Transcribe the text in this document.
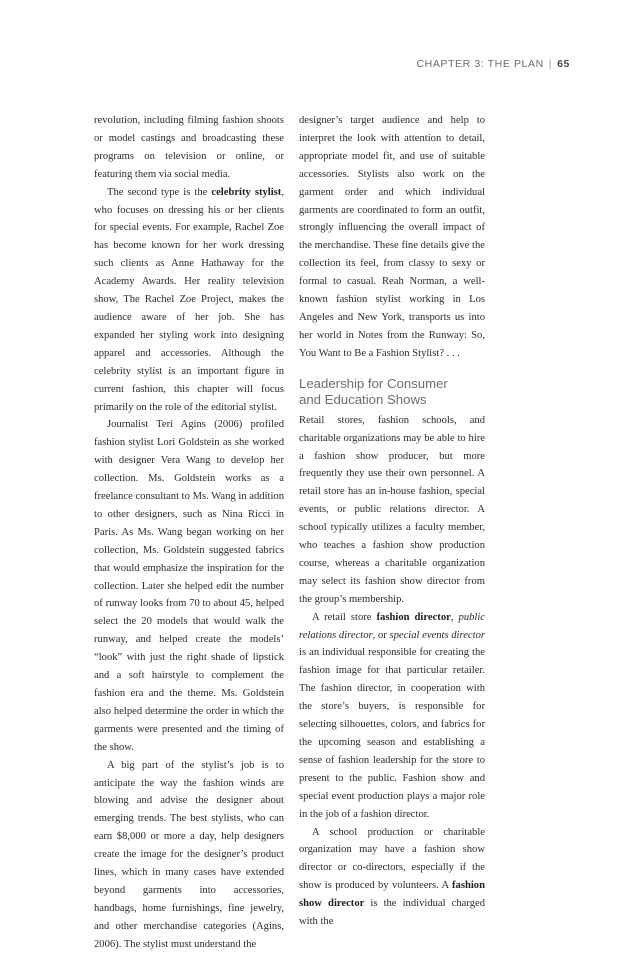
CHAPTER 3: THE PLAN | 65

revolution, including filming fashion shoots or model castings and broadcasting these programs on television or online, or featuring them via social media.

The second type is the celebrity stylist, who focuses on dressing his or her clients for special events. For example, Rachel Zoe has become known for her work dressing such clients as Anne Hathaway for the Academy Awards. Her reality television show, The Rachel Zoe Project, makes the audience aware of her job. She has expanded her styling work into designing apparel and accessories. Although the celebrity stylist is an important figure in current fashion, this chapter will focus primarily on the role of the editorial stylist.

Journalist Teri Agins (2006) profiled fashion stylist Lori Goldstein as she worked with designer Vera Wang to develop her collection. Ms. Goldstein works as a freelance consultant to Ms. Wang in addition to other designers, such as Nina Ricci in Paris. As Ms. Wang began working on her collection, Ms. Goldstein suggested fabrics that would emphasize the inspiration for the collection. Later she helped edit the number of runway looks from 70 to about 45, helped select the 20 models that would walk the runway, and helped create the models’ “look” with just the right shade of lipstick and a soft hairstyle to complement the fashion era and the theme. Ms. Goldstein also helped determine the order in which the garments were presented and the timing of the show.

A big part of the stylist’s job is to anticipate the way the fashion winds are blowing and advise the designer about emerging trends. The best stylists, who can earn $8,000 or more a day, help designers create the image for the designer’s product lines, which in many cases have extended beyond garments into accessories, handbags, home furnishings, fine jewelry, and other merchandise categories (Agins, 2006). The stylist must understand the

designer’s target audience and help to interpret the look with attention to detail, appropriate model fit, and use of suitable accessories. Stylists also work on the garment order and which individual garments are coordinated to form an outfit, strongly influencing the overall impact of the merchandise. These fine details give the collection its feel, from classy to sexy or formal to casual. Reah Norman, a well-known fashion stylist working in Los Angeles and New York, transports us into her world in Notes from the Runway: So, You Want to Be a Fashion Stylist? . . .

Leadership for Consumer
and Education Shows

Retail stores, fashion schools, and charitable organizations may be able to hire a fashion show producer, but more frequently they use their own personnel. A retail store has an in-house fashion, special events, or public relations director. A school typically utilizes a faculty member, who teaches a fashion show production course, whereas a charitable organization may select its fashion show director from the group’s membership.

A retail store fashion director, public relations director, or special events director is an individual responsible for creating the fashion image for that particular retailer. The fashion director, in cooperation with the store’s buyers, is responsible for selecting silhouettes, colors, and fabrics for the upcoming season and establishing a sense of fashion leadership for the store to present to the public. Fashion show and special event production plays a major role in the job of a fashion director.

A school production or charitable organization may have a fashion show director or co-directors, especially if the show is produced by volunteers. A fashion show director is the individual charged with the
